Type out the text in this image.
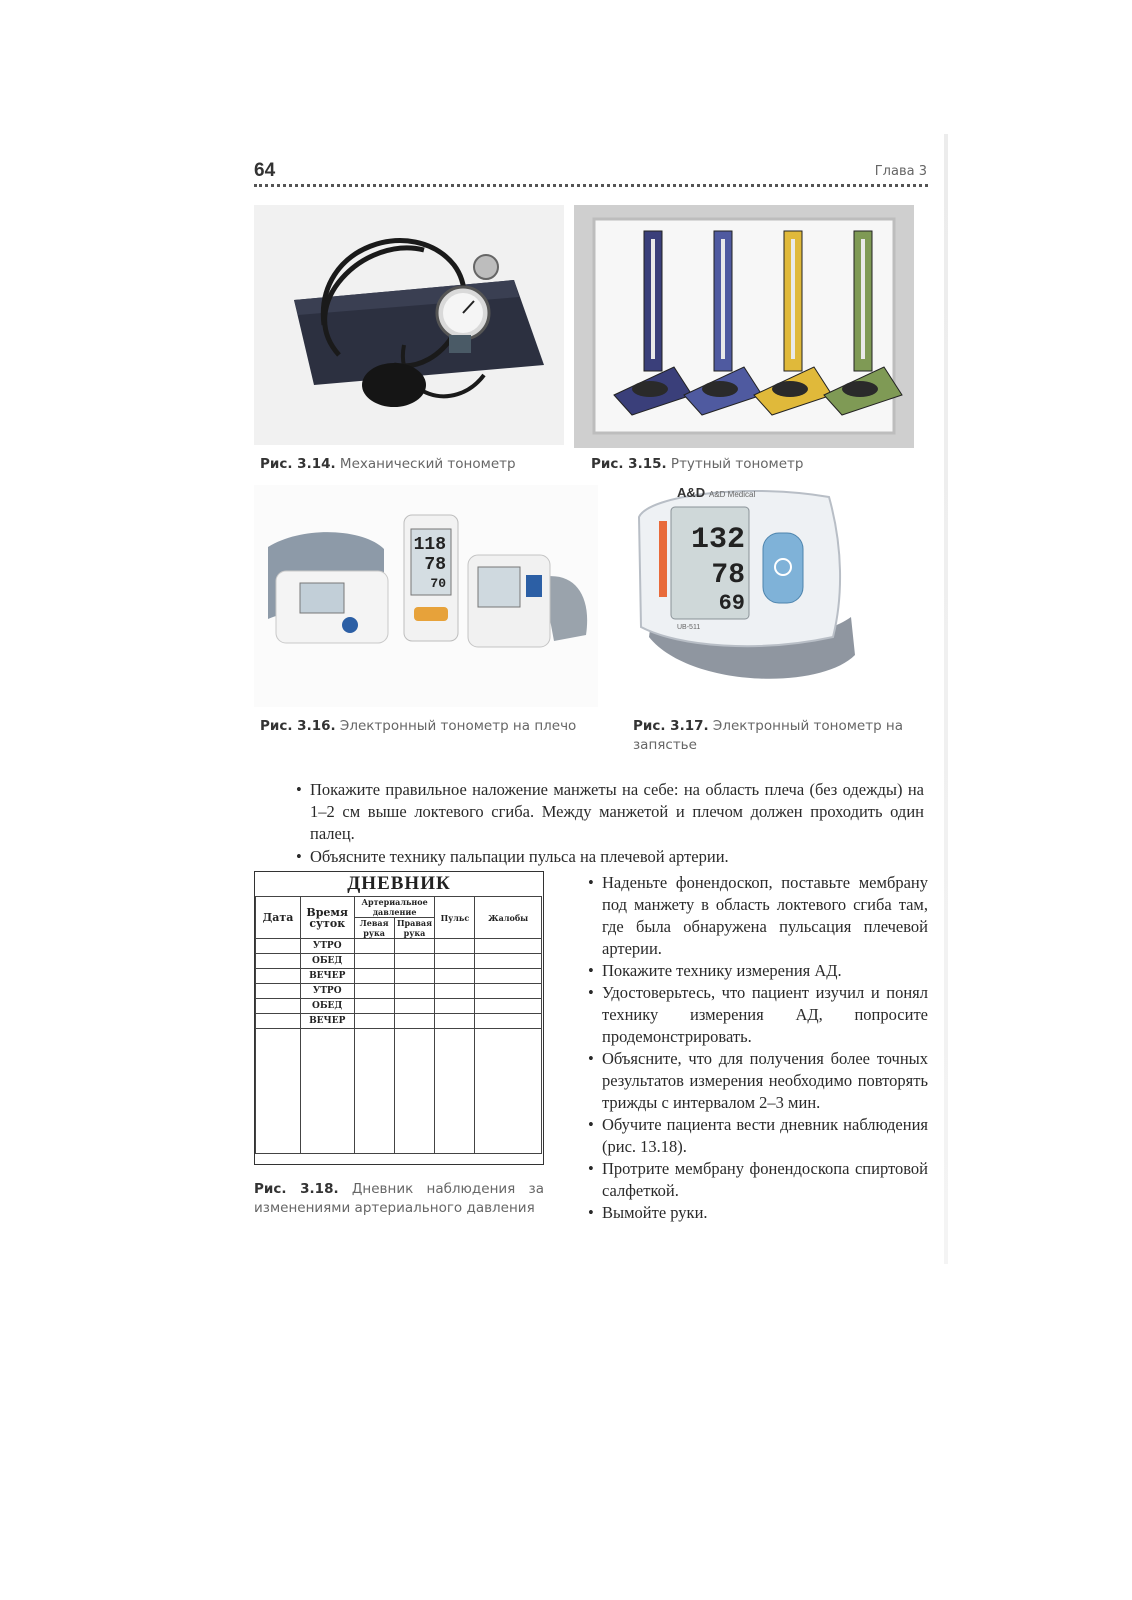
64	Глава 3
Рис. 3.14. Механический тонометр	Рис. 3.15. Ртутный тонометр
118
78
70
A&D A&D Medical
132
78
69
UB-511
Рис. 3.16. Электронный тонометр на плечо	Рис. 3.17. Электронный тонометр на запястье
• Покажите правильное наложение манжеты на себе: на область плеча (без одежды) на 1–2 см выше локтевого сгиба. Между манжетой и плечом должен проходить один палец.
• Объясните технику пальпации пульса на плечевой артерии.
ДНЕВНИК
Дата	Время суток	Артериальное давление		Пульс	Жалобы
		Левая рука	Правая рука		
	УТРО				
	ОБЕД				
	ВЕЧЕР				
	УТРО				
	ОБЕД				
	ВЕЧЕР				

Рис. 3.18. Дневник наблюдения за изменениями артериального давления
• Наденьте фонендоскоп, поставьте мембрану под манжету в область локтевого сгиба там, где была обнаружена пульсация плечевой артерии.
• Покажите технику измерения АД.
• Удостоверьтесь, что пациент изучил и понял технику измерения АД, попросите продемонстрировать.
• Объясните, что для получения более точных результатов измерения необходимо повторять трижды с интервалом 2–3 мин.
• Обучите пациента вести дневник наблюдения (рис. 13.18).
• Протрите мембрану фонендоскопа спиртовой салфеткой.
• Вымойте руки.
